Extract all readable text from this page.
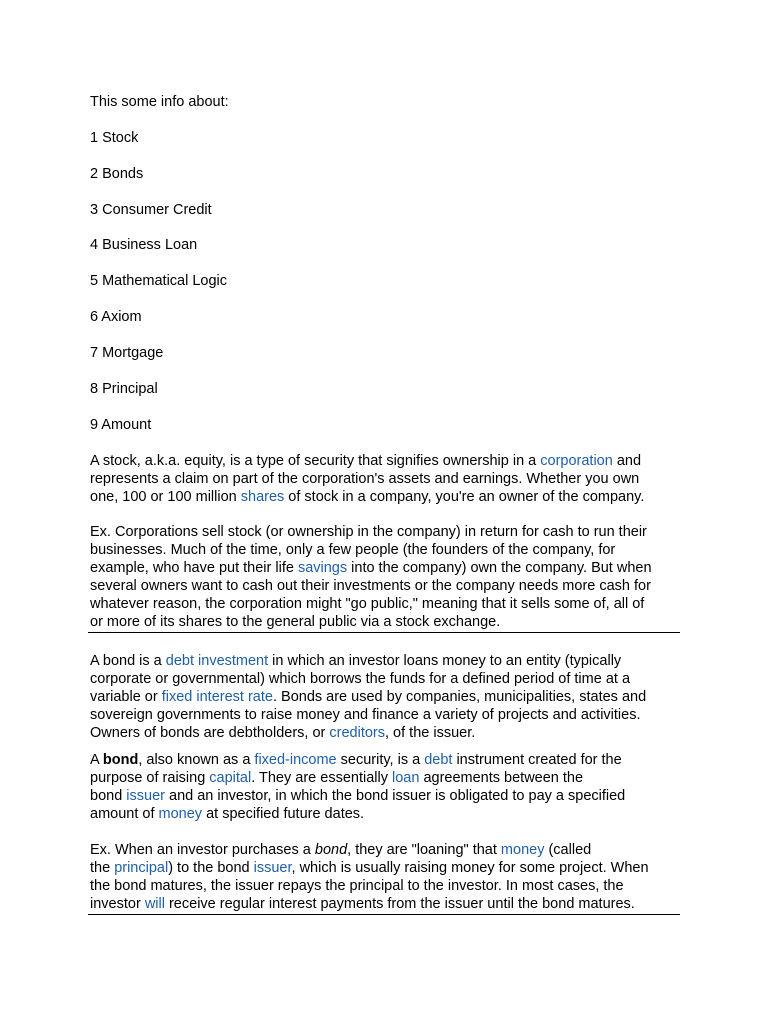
This some info about:
1 Stock
2 Bonds
3 Consumer Credit
4 Business Loan
5 Mathematical Logic
6 Axiom
7 Mortgage
8 Principal
9 Amount
A stock, a.k.a. equity, is a type of security that signifies ownership in a corporation and
represents a claim on part of the corporation's assets and earnings. Whether you own
one, 100 or 100 million shares of stock in a company, you're an owner of the company.
Ex. Corporations sell stock (or ownership in the company) in return for cash to run their
businesses. Much of the time, only a few people (the founders of the company, for
example, who have put their life savings into the company) own the company. But when
several owners want to cash out their investments or the company needs more cash for
whatever reason, the corporation might "go public," meaning that it sells some of, all of
or more of its shares to the general public via a stock exchange.
A bond is a debt investment in which an investor loans money to an entity (typically
corporate or governmental) which borrows the funds for a defined period of time at a
variable or fixed interest rate. Bonds are used by companies, municipalities, states and
sovereign governments to raise money and finance a variety of projects and activities.
Owners of bonds are debtholders, or creditors, of the issuer.
A bond, also known as a fixed-income security, is a debt instrument created for the
purpose of raising capital. They are essentially loan agreements between the
bond issuer and an investor, in which the bond issuer is obligated to pay a specified
amount of money at specified future dates.
Ex. When an investor purchases a bond, they are "loaning" that money (called
the principal) to the bond issuer, which is usually raising money for some project. When
the bond matures, the issuer repays the principal to the investor. In most cases, the
investor will receive regular interest payments from the issuer until the bond matures.
